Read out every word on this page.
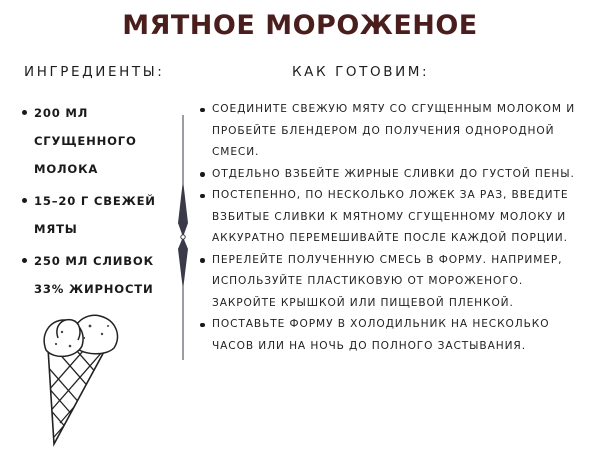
МЯТНОЕ МОРОЖЕНОЕ
ИНГРЕДИЕНТЫ:	КАК ГОТОВИМ:
200 МЛ СГУЩЕННОГО МОЛОКА
15–20 Г СВЕЖЕЙ МЯТЫ
250 МЛ СЛИВОК 33% ЖИРНОСТИ
СОЕДИНИТЕ СВЕЖУЮ МЯТУ СО СГУЩЕННЫМ МОЛОКОМ И ПРОБЕЙТЕ БЛЕНДЕРОМ ДО ПОЛУЧЕНИЯ ОДНОРОДНОЙ СМЕСИ.
ОТДЕЛЬНО ВЗБЕЙТЕ ЖИРНЫЕ СЛИВКИ ДО ГУСТОЙ ПЕНЫ.
ПОСТЕПЕННО, ПО НЕСКОЛЬКО ЛОЖЕК ЗА РАЗ, ВВЕДИТЕ ВЗБИТЫЕ СЛИВКИ К МЯТНОМУ СГУЩЕННОМУ МОЛОКУ И АККУРАТНО ПЕРЕМЕШИВАЙТЕ ПОСЛЕ КАЖДОЙ ПОРЦИИ.
ПЕРЕЛЕЙТЕ ПОЛУЧЕННУЮ СМЕСЬ В ФОРМУ. НАПРИМЕР, ИСПОЛЬЗУЙТЕ ПЛАСТИКОВУЮ ОТ МОРОЖЕНОГО. ЗАКРОЙТЕ КРЫШКОЙ ИЛИ ПИЩЕВОЙ ПЛЕНКОЙ.
ПОСТАВЬТЕ ФОРМУ В ХОЛОДИЛЬНИК НА НЕСКОЛЬКО ЧАСОВ ИЛИ НА НОЧЬ ДО ПОЛНОГО ЗАСТЫВАНИЯ.
